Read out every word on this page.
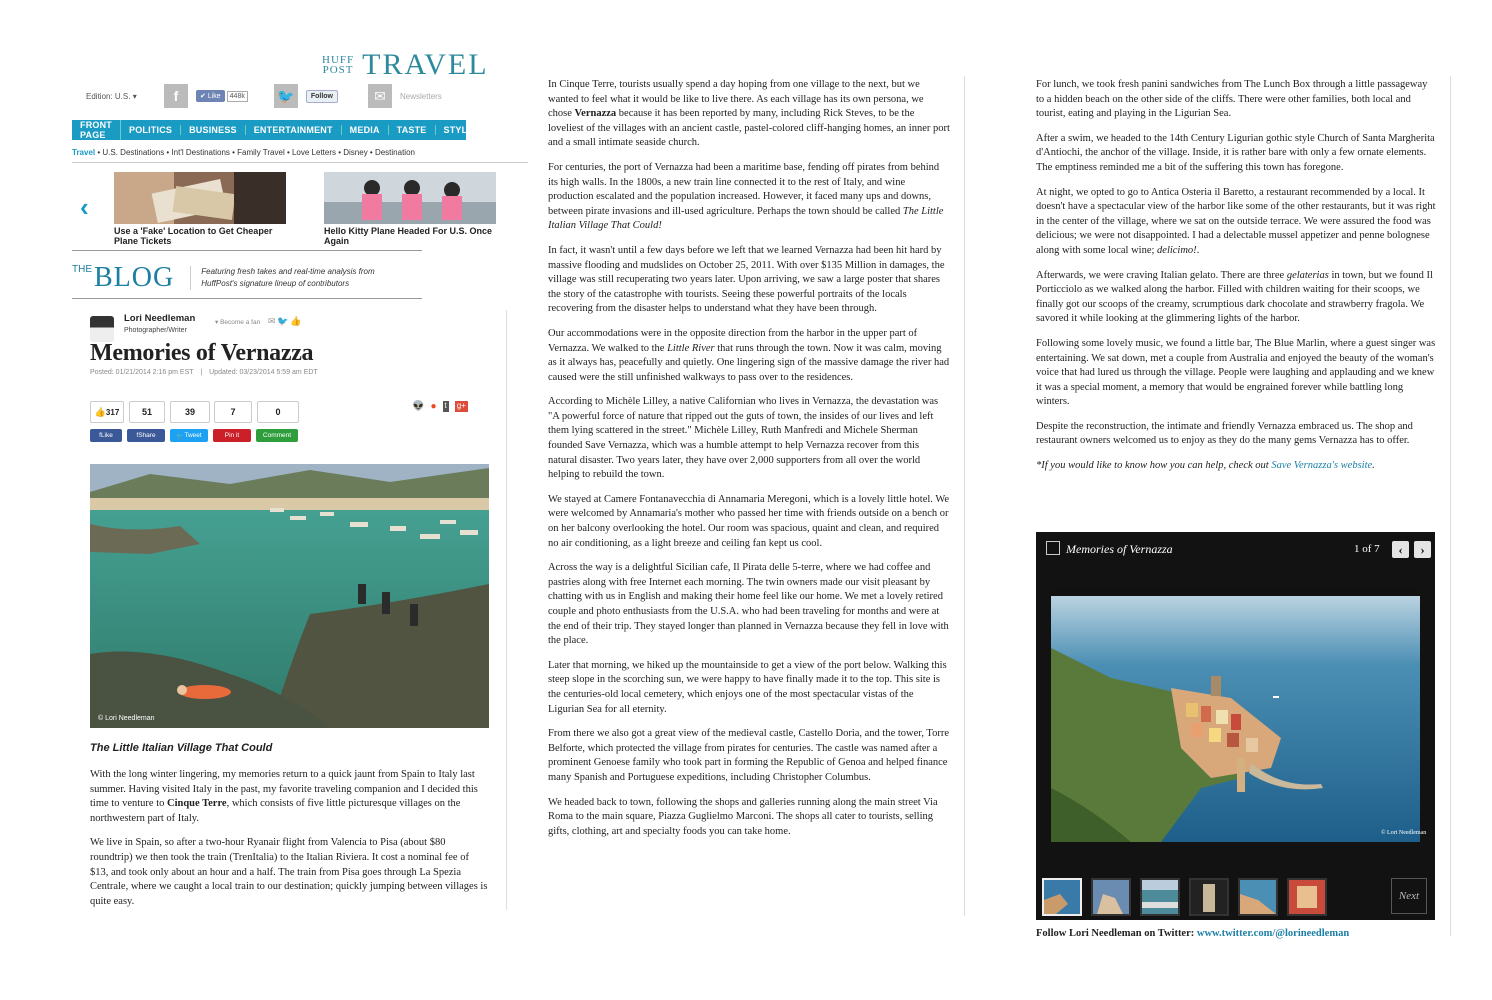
HUFF
POST TRAVEL
Edition: U.S. ▾	f	✔ Like	448k 🐦	Follow	✉	Newsletters
FRONT PAGE	POLITICS	BUSINESS	ENTERTAINMENT	MEDIA	TASTE	STYLE
Travel • U.S. Destinations • Int'l Destinations • Family Travel • Love Letters • Disney • Destination
‹
Use a 'Fake' Location to Get Cheaper Plane Tickets
Hello Kitty Plane Headed For U.S. Once Again
THE BLOG	Featuring fresh takes and real-time analysis from
HuffPost's signature lineup of contributors
Lori Needleman
Photographer/Writer
▾ Become a fan ✉ 🐦 👍
Memories of Vernazza
Posted: 01/21/2014 2:16 pm EST | Updated: 03/23/2014 5:59 am EDT
👍 317	51	39	7	0
f Like	f Share	🐦 Tweet	Pin it	Comment
👽 ● t g+
© Lori Needleman
The Little Italian Village That Could

With the long winter lingering, my memories return to a quick jaunt from Spain to Italy last summer. Having visited Italy in the past, my favorite traveling companion and I decided this time to venture to Cinque Terre, which consists of five little picturesque villages on the northwestern part of Italy.

We live in Spain, so after a two-hour Ryanair flight from Valencia to Pisa (about $80 roundtrip) we then took the train (TrenItalia) to the Italian Riviera. It cost a nominal fee of $13, and took only about an hour and a half. The train from Pisa goes through La Spezia Centrale, where we caught a local train to our destination; quickly jumping between villages is quite easy.

In Cinque Terre, tourists usually spend a day hoping from one village to the next, but we wanted to feel what it would be like to live there. As each village has its own persona, we chose Vernazza because it has been reported by many, including Rick Steves, to be the loveliest of the villages with an ancient castle, pastel-colored cliff-hanging homes, an inner port and a small intimate seaside church.

For centuries, the port of Vernazza had been a maritime base, fending off pirates from behind its high walls. In the 1800s, a new train line connected it to the rest of Italy, and wine production escalated and the population increased. However, it faced many ups and downs, between pirate invasions and ill-used agriculture. Perhaps the town should be called The Little Italian Village That Could!

In fact, it wasn't until a few days before we left that we learned Vernazza had been hit hard by massive flooding and mudslides on October 25, 2011. With over $135 Million in damages, the village was still recuperating two years later. Upon arriving, we saw a large poster that shares the story of the catastrophe with tourists. Seeing these powerful portraits of the locals recovering from the disaster helps to understand what they have been through.

Our accommodations were in the opposite direction from the harbor in the upper part of Vernazza. We walked to the Little River that runs through the town. Now it was calm, moving as it always has, peacefully and quietly. One lingering sign of the massive damage the river had caused were the still unfinished walkways to pass over to the residences.

According to Michèle Lilley, a native Californian who lives in Vernazza, the devastation was "A powerful force of nature that ripped out the guts of town, the insides of our lives and left them lying scattered in the street." Michèle Lilley, Ruth Manfredi and Michele Sherman founded Save Vernazza, which was a humble attempt to help Vernazza recover from this natural disaster. Two years later, they have over 2,000 supporters from all over the world helping to rebuild the town.

We stayed at Camere Fontanavecchia di Annamaria Meregoni, which is a lovely little hotel. We were welcomed by Annamaria's mother who passed her time with friends outside on a bench or on her balcony overlooking the hotel. Our room was spacious, quaint and clean, and required no air conditioning, as a light breeze and ceiling fan kept us cool.

Across the way is a delightful Sicilian cafe, Il Pirata delle 5-terre, where we had coffee and pastries along with free Internet each morning. The twin owners made our visit pleasant by chatting with us in English and making their home feel like our home. We met a lovely retired couple and photo enthusiasts from the U.S.A. who had been traveling for months and were at the end of their trip. They stayed longer than planned in Vernazza because they fell in love with the place.

Later that morning, we hiked up the mountainside to get a view of the port below. Walking this steep slope in the scorching sun, we were happy to have finally made it to the top. This site is the centuries-old local cemetery, which enjoys one of the most spectacular vistas of the Ligurian Sea for all eternity.

From there we also got a great view of the medieval castle, Castello Doria, and the tower, Torre Belforte, which protected the village from pirates for centuries. The castle was named after a prominent Genoese family who took part in forming the Republic of Genoa and helped finance many Spanish and Portuguese expeditions, including Christopher Columbus.

We headed back to town, following the shops and galleries running along the main street Via Roma to the main square, Piazza Guglielmo Marconi. The shops all cater to tourists, selling gifts, clothing, art and specialty foods you can take home.

For lunch, we took fresh panini sandwiches from The Lunch Box through a little passageway to a hidden beach on the other side of the cliffs. There were other families, both local and tourist, eating and playing in the Ligurian Sea.

After a swim, we headed to the 14th Century Ligurian gothic style Church of Santa Margherita d'Antiochi, the anchor of the village. Inside, it is rather bare with only a few ornate elements. The emptiness reminded me a bit of the suffering this town has foregone.

At night, we opted to go to Antica Osteria il Baretto, a restaurant recommended by a local. It doesn't have a spectacular view of the harbor like some of the other restaurants, but it was right in the center of the village, where we sat on the outside terrace. We were assured the food was delicious; we were not disappointed. I had a delectable mussel appetizer and penne bolognese along with some local wine; delicimo!.

Afterwards, we were craving Italian gelato. There are three gelaterias in town, but we found Il Porticciolo as we walked along the harbor. Filled with children waiting for their scoops, we finally got our scoops of the creamy, scrumptious dark chocolate and strawberry fragola. We savored it while looking at the glimmering lights of the harbor.

Following some lovely music, we found a little bar, The Blue Marlin, where a guest singer was entertaining. We sat down, met a couple from Australia and enjoyed the beauty of the woman's voice that had lured us through the village. People were laughing and applauding and we knew it was a special moment, a memory that would be engrained forever while battling long winters.

Despite the reconstruction, the intimate and friendly Vernazza embraced us. The shop and restaurant owners welcomed us to enjoy as they do the many gems Vernazza has to offer.

*If you would like to know how you can help, check out Save Vernazza's website.

Memories of Vernazza	1 of 7	‹	›
© Lori Needleman
Next
Follow Lori Needleman on Twitter: www.twitter.com/@lorineedleman
